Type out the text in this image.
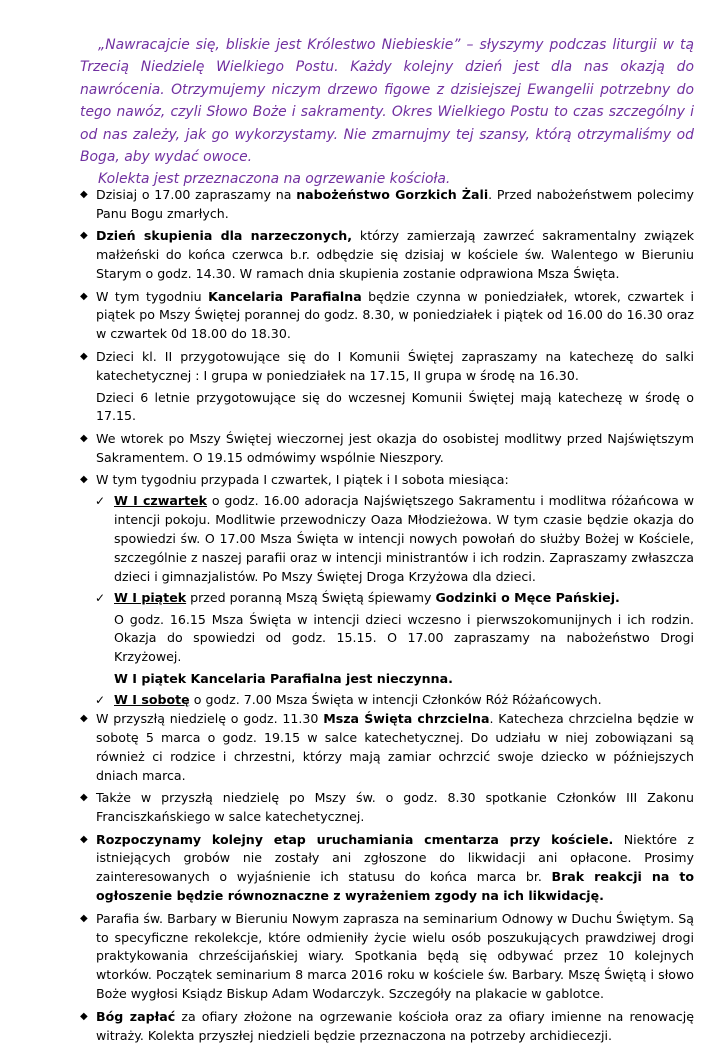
„Nawracajcie się, bliskie jest Królestwo Niebieskie” – słyszymy podczas liturgii w tą Trzecią Niedzielę Wielkiego Postu. Każdy kolejny dzień jest dla nas okazją do nawrócenia. Otrzymujemy niczym drzewo figowe z dzisiejszej Ewangelii potrzebny do tego nawóz, czyli Słowo Boże i sakramenty. Okres Wielkiego Postu to czas szczególny i od nas zależy, jak go wykorzystamy. Nie zmarnujmy tej szansy, którą otrzymaliśmy od Boga, aby wydać owoce.
Kolekta jest przeznaczona na ogrzewanie kościoła.
◆ Dzisiaj o 17.00 zapraszamy na nabożeństwo Gorzkich Żali. Przed nabożeństwem polecimy Panu Bogu zmarłych.
◆ Dzień skupienia dla narzeczonych, którzy zamierzają zawrzeć sakramentalny związek małżeński do końca czerwca b.r. odbędzie się dzisiaj w kościele św. Walentego w Bieruniu Starym o godz. 14.30. W ramach dnia skupienia zostanie odprawiona Msza Święta.
◆ W tym tygodniu Kancelaria Parafialna będzie czynna w poniedziałek, wtorek, czwartek i piątek po Mszy Świętej porannej do godz. 8.30, w poniedziałek i piątek od 16.00 do 16.30 oraz w czwartek 0d 18.00 do 18.30.
◆ Dzieci kl. II przygotowujące się do I Komunii Świętej zapraszamy na katechezę do salki katechetycznej : I grupa w poniedziałek na 17.15, II grupa w środę na 16.30.
Dzieci 6 letnie przygotowujące się do wczesnej Komunii Świętej mają katechezę w środę o 17.15.
◆ We wtorek po Mszy Świętej wieczornej jest okazja do osobistej modlitwy przed Najświętszym Sakramentem. O 19.15 odmówimy wspólnie Nieszpory.
◆ W tym tygodniu przypada I czwartek, I piątek i I sobota miesiąca:
✓ W I czwartek o godz. 16.00 adoracja Najświętszego Sakramentu i modlitwa różańcowa w intencji pokoju. Modlitwie przewodniczy Oaza Młodzieżowa. W tym czasie będzie okazja do spowiedzi św. O 17.00 Msza Święta w intencji nowych powołań do służby Bożej w Kościele, szczególnie z naszej parafii oraz w intencji ministrantów i ich rodzin. Zapraszamy zwłaszcza dzieci i gimnazjalistów. Po Mszy Świętej Droga Krzyżowa dla dzieci.
✓ W I piątek przed poranną Mszą Świętą śpiewamy Godzinki o Męce Pańskiej.
O godz. 16.15 Msza Święta w intencji dzieci wczesno i pierwszokomunijnych i ich rodzin. Okazja do spowiedzi od godz. 15.15. O 17.00 zapraszamy na nabożeństwo Drogi Krzyżowej.
W I piątek Kancelaria Parafialna jest nieczynna.
✓ W I sobotę o godz. 7.00 Msza Święta w intencji Członków Róż Różańcowych.
◆ W przyszłą niedzielę o godz. 11.30 Msza Święta chrzcielna. Katecheza chrzcielna będzie w sobotę 5 marca o godz. 19.15 w salce katechetycznej. Do udziału w niej zobowiązani są również ci rodzice i chrzestni, którzy mają zamiar ochrzcić swoje dziecko w późniejszych dniach marca.
◆ Także w przyszłą niedzielę po Mszy św. o godz. 8.30 spotkanie Członków III Zakonu Franciszkańskiego w salce katechetycznej.
◆ Rozpoczynamy kolejny etap uruchamiania cmentarza przy kościele. Niektóre z istniejących grobów nie zostały ani zgłoszone do likwidacji ani opłacone. Prosimy zainteresowanych o wyjaśnienie ich statusu do końca marca br. Brak reakcji na to ogłoszenie będzie równoznaczne z wyrażeniem zgody na ich likwidację.
◆ Parafia św. Barbary w Bieruniu Nowym zaprasza na seminarium Odnowy w Duchu Świętym. Są to specyficzne rekolekcje, które odmieniły życie wielu osób poszukujących prawdziwej drogi praktykowania chrześcijańskiej wiary. Spotkania będą się odbywać przez 10 kolejnych wtorków. Początek seminarium 8 marca 2016 roku w kościele św. Barbary. Mszę Świętą i słowo Boże wygłosi Ksiądz Biskup Adam Wodarczyk. Szczegóły na plakacie w gablotce.
◆ Bóg zapłać za ofiary złożone na ogrzewanie kościoła oraz za ofiary imienne na renowację witraży. Kolekta przyszłej niedzieli będzie przeznaczona na potrzeby archidiecezji.
